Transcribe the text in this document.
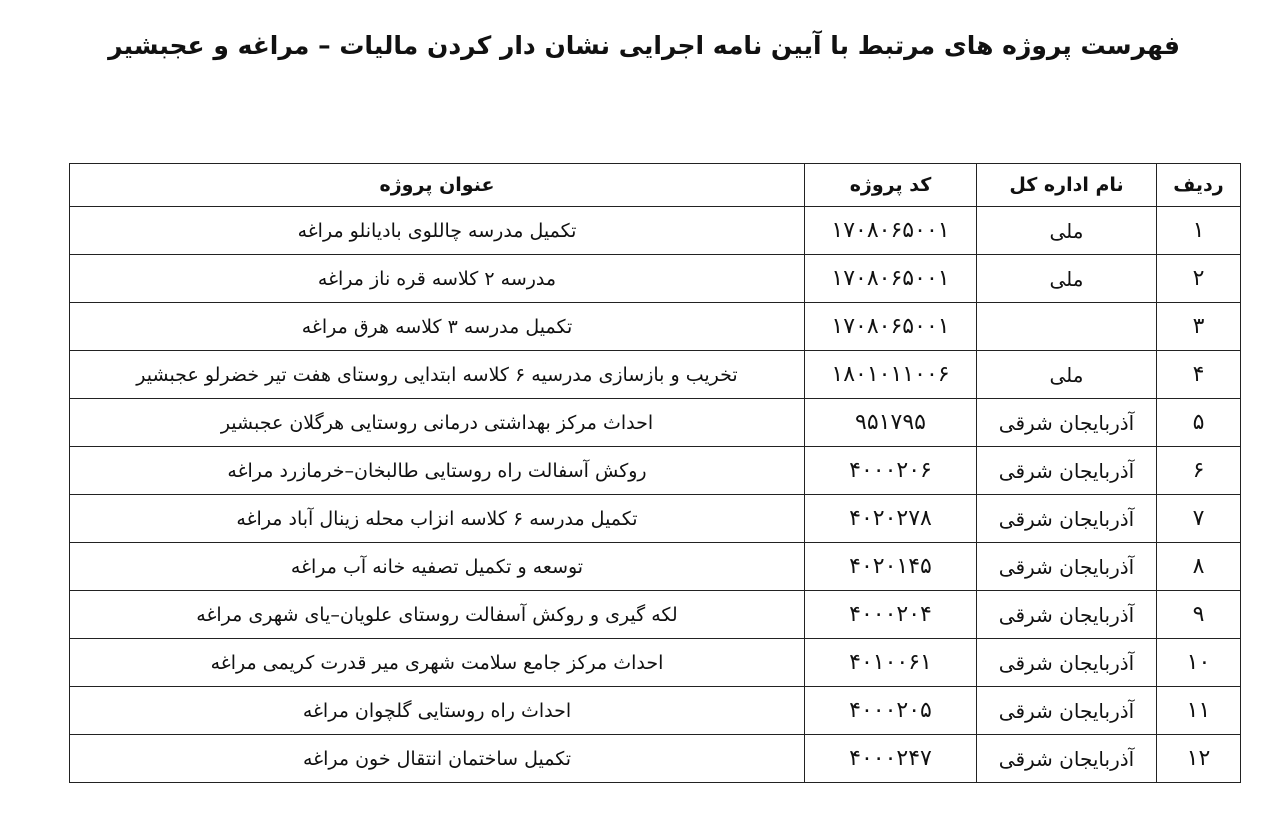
فهرست پروژه های مرتبط با آیین نامه اجرایی نشان دار کردن مالیات – مراغه و عجبشیر
ردیف	نام اداره کل	کد پروژه	عنوان پروژه
۱	ملی	۱۷۰۸۰۶۵۰۰۱	تکمیل مدرسه چاللوی بادیانلو مراغه
۲	ملی	۱۷۰۸۰۶۵۰۰۱	مدرسه ۲ کلاسه قره ناز مراغه
۳		۱۷۰۸۰۶۵۰۰۱	تکمیل مدرسه ۳ کلاسه هرق مراغه
۴	ملی	۱۸۰۱۰۱۱۰۰۶	تخریب و بازسازی مدرسیه ۶ کلاسه ابتدایی روستای هفت تیر خضرلو عجبشیر
۵	آذربایجان شرقی	۹۵۱۷۹۵	احداث مرکز بهداشتی درمانی روستایی هرگلان عجبشیر
۶	آذربایجان شرقی	۴۰۰۰۲۰۶	روکش آسفالت راه روستایی طالبخان–خرمازرد مراغه
۷	آذربایجان شرقی	۴۰۲۰۲۷۸	تکمیل مدرسه ۶ کلاسه انزاب محله زینال آباد مراغه
۸	آذربایجان شرقی	۴۰۲۰۱۴۵	توسعه و تکمیل تصفیه خانه آب مراغه
۹	آذربایجان شرقی	۴۰۰۰۲۰۴	لکه گیری و روکش آسفالت روستای علویان–یای شهری مراغه
۱۰	آذربایجان شرقی	۴۰۱۰۰۶۱	احداث مرکز جامع سلامت شهری میر قدرت کریمی مراغه
۱۱	آذربایجان شرقی	۴۰۰۰۲۰۵	احداث راه روستایی گلچوان مراغه
۱۲	آذربایجان شرقی	۴۰۰۰۲۴۷	تکمیل ساختمان انتقال خون مراغه
